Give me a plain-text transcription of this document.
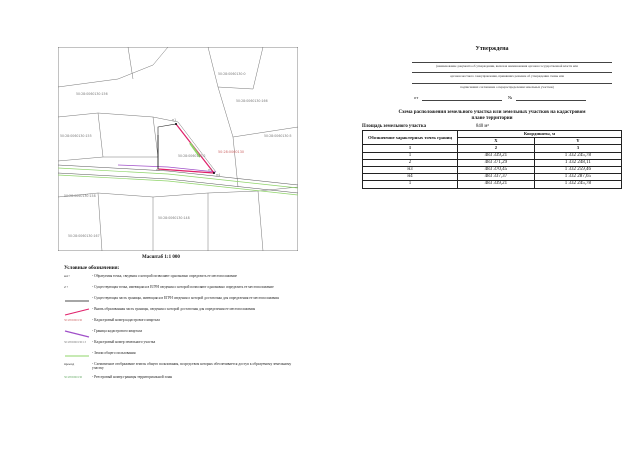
50:28:0060130:0
50:28:0060130:156
50:28:0060130:155
50:28:0060130:166
50:28:0060130
50:28:0060130:158
50:28:0060130:167
50:28:0060130:148
50:28:0060130:2
50:28:0060130:5
н1
н2	н3
н4
Масштаб 1:1 000
Условные обозначения:
н4 •	- Образуемая точка, сведения о которой позволяют однозначно определить ее местоположение
2 •	- Существующая точка, имеющаяся в ЕГРН сведения о которой позволяют однозначно определить ее местоположение
- Существующая часть границы, имеющаяся в ЕГРН сведения о которой достаточны для определения ее местоположения
- Вновь образованная часть границы, сведения о которой достаточны для определения ее местоположения
50:28:0060130	- Кадастровый номер кадастрового квартала
- Граница кадастрового квартала
50:28:0060130:13	- Кадастровый номер земельного участка
- Земли общего пользования
проезд	- Схематичное отображение земель общего пользования, посредством которых обеспечивается доступ к образуемому земельному участку
50:28:0060130	- Реестровый номер границы территориальной зоны
Утверждена
(наименование документа об утверждении, включая наименования органов государственной власти или
органов местного самоуправления, принявших решение об утверждении схемы или
подписавших соглашение о перераспределении земельных участков)
от	№
Схема расположения земельного участка или земельных участков на кадастровом плане территории
Площадь земельного участка	840 м²
Обозначение характерных точек границ	Координаты, м	
	X	Y
1	2	3
1	483 339,21	1 332 245,78
2	483 371,29	1 332 248,11
н3	483 370,45	1 332 259,46
н4	483 337,37	1 332 287,65
1	483 339,21	1 332 245,78
